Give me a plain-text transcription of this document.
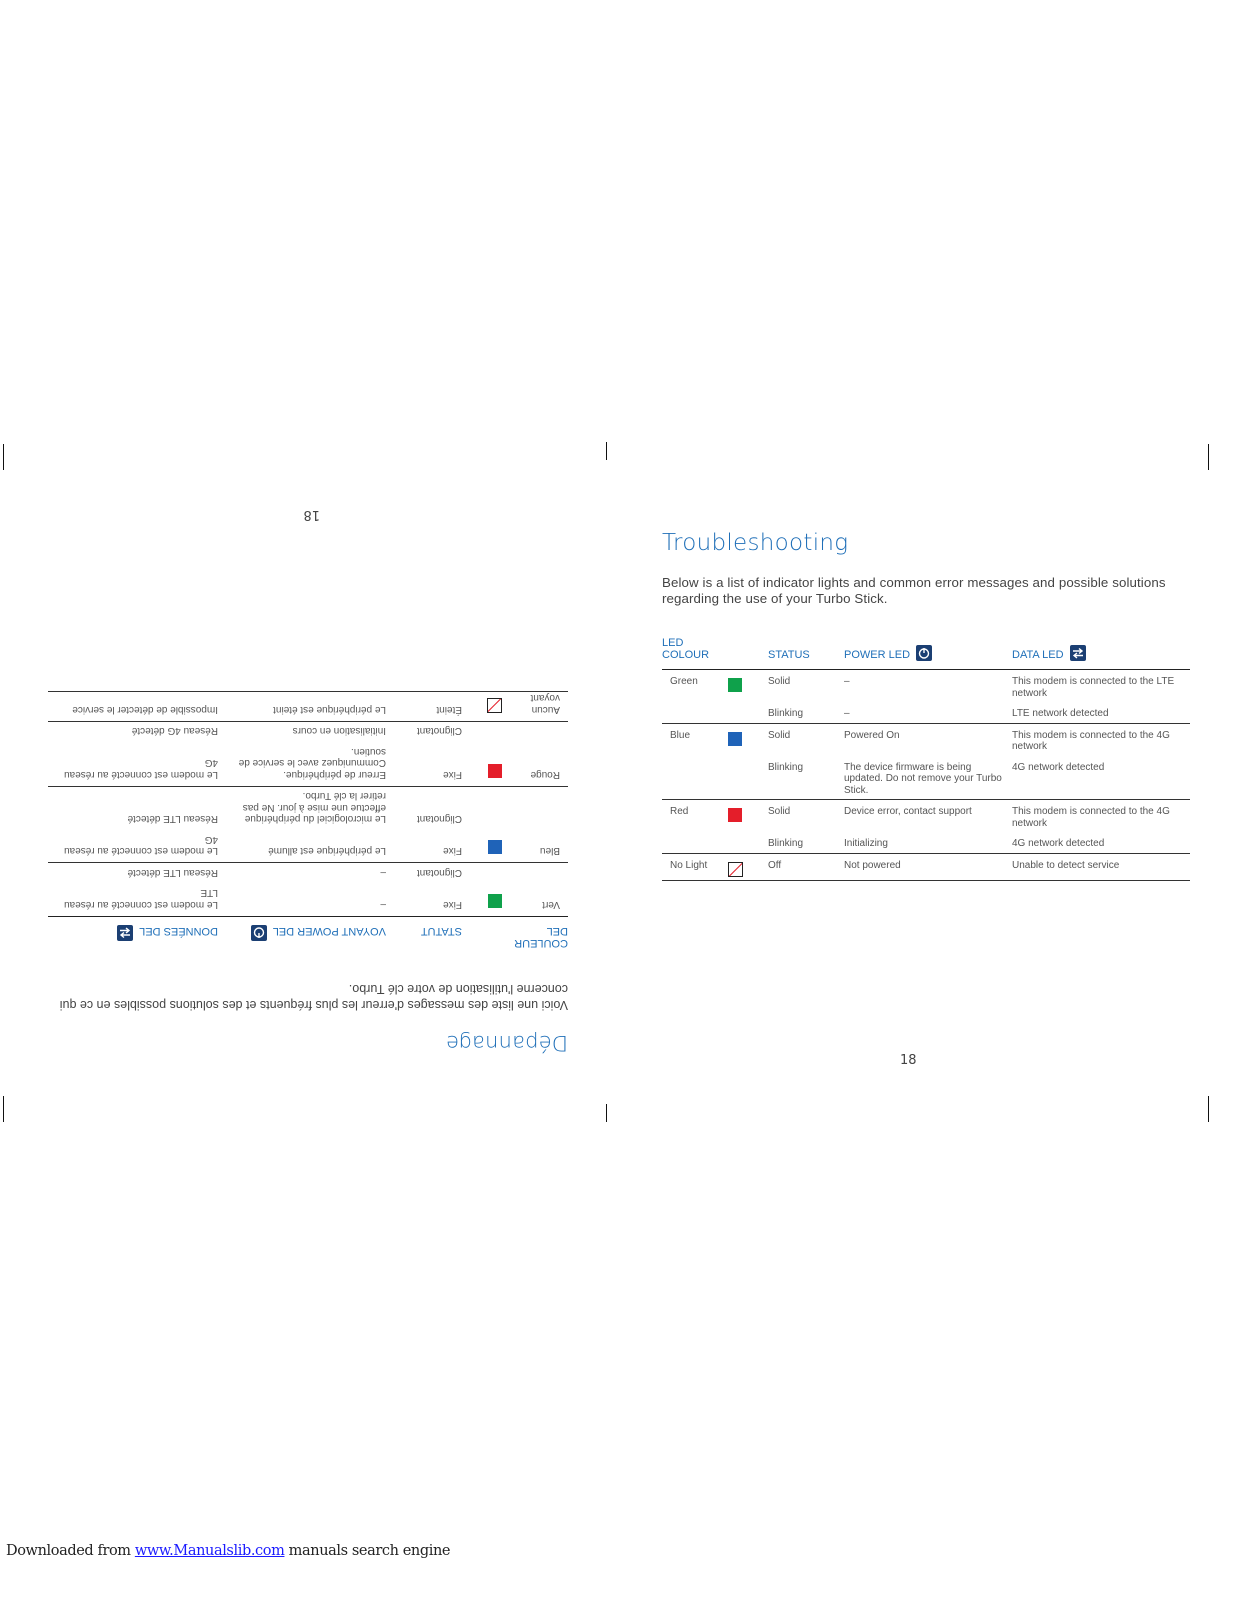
Dépannage

Voici une liste des messages d'erreur les plus fréquents et des solutions possibles en ce qui concerne l'utilisation de votre clé Turbo.

COULEUR DEL		STATUT	VOYANT POWER DEL	DONNÉES DEL

Vert		Fixe	–	Le modem est connecté au réseau LTE
		Clignotant	–	Réseau LTE détecté
Bleu		Fixe	Le périphérique est allumé	Le modem est connecté au réseau 4G
		Clignotant	Le micrologiciel du périphérique effectue une mise à jour. Ne pas retirer la clé Turbo.	Réseau LTE détecté
Rouge		Fixe	Erreur de périphérique. Communiquez avec le service de soutien.	Le modem est connecté au réseau 4G
		Clignotant	Initialisation en cours	Réseau 4G détecté
Aucun voyant		Éteint	Le périphérique est éteint	Impossible de détecter le service
18
Troubleshooting

Below is a list of indicator lights and common error messages and possible solutions regarding the use of your Turbo Stick.

LED COLOUR		STATUS	POWER LED	DATA LED

Green		Solid	–	This modem is connected to the LTE network
		Blinking	–	LTE network detected
Blue		Solid	Powered On	This modem is connected to the 4G network
		Blinking	The device firmware is being updated. Do not remove your Turbo Stick.	4G network detected
Red		Solid	Device error, contact support	This modem is connected to the 4G network
		Blinking	Initializing	4G network detected
No Light		Off	Not powered	Unable to detect service
18
Downloaded from www.Manualslib.com manuals search engine
